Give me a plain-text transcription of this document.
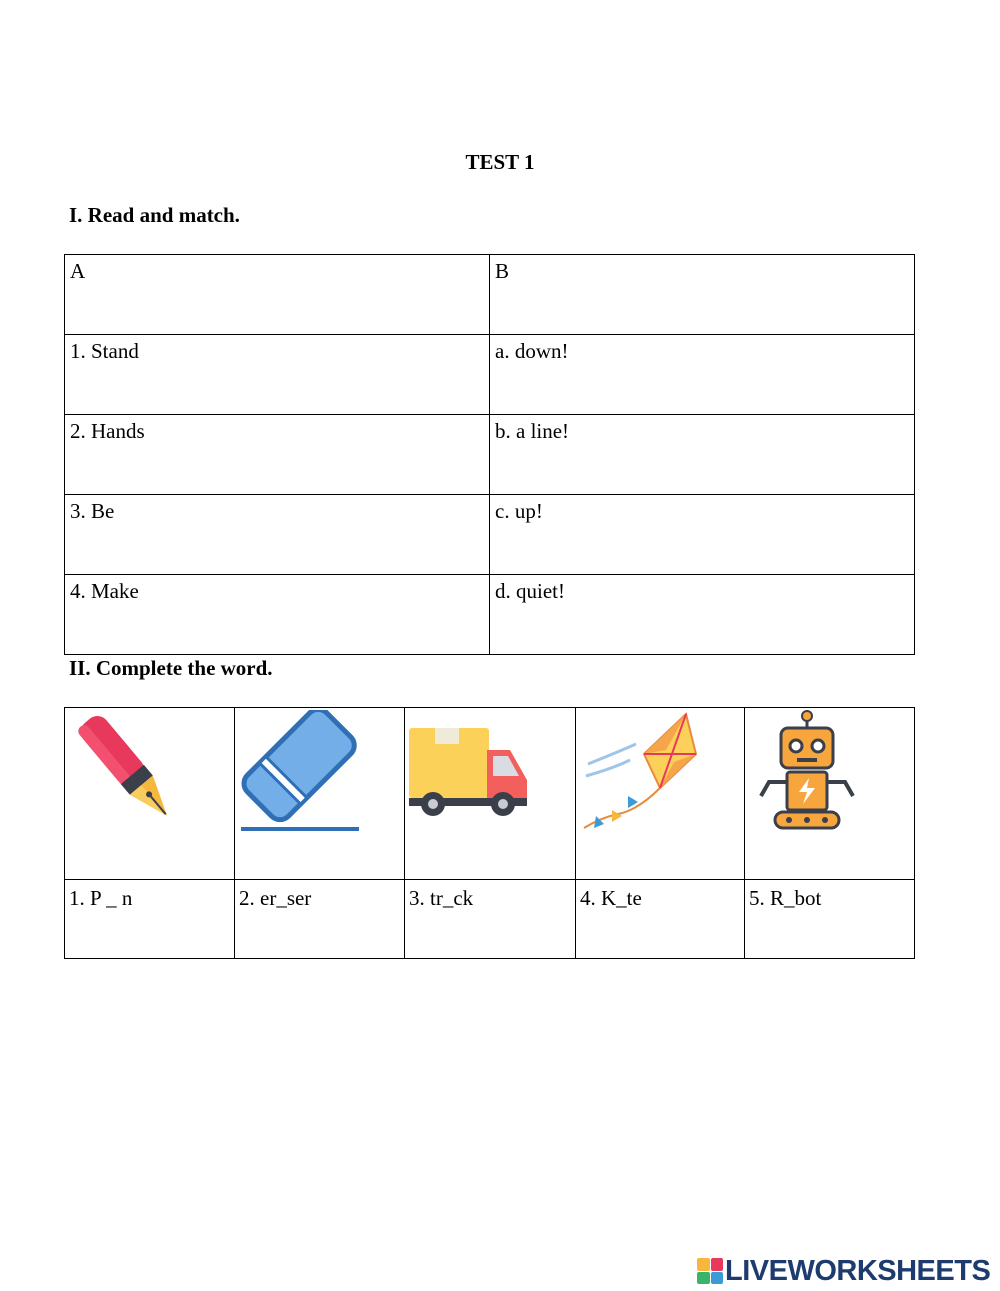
TEST 1
I. Read and match.
A	B
1. Stand	a. down!
2. Hands	b. a line!
3. Be	c. up!
4. Make	d. quiet!
II. Complete the word.

1. P _ n	2. er_ser	3. tr_ck	4. K_te	5. R_bot
LIVEWORKSHEETS
